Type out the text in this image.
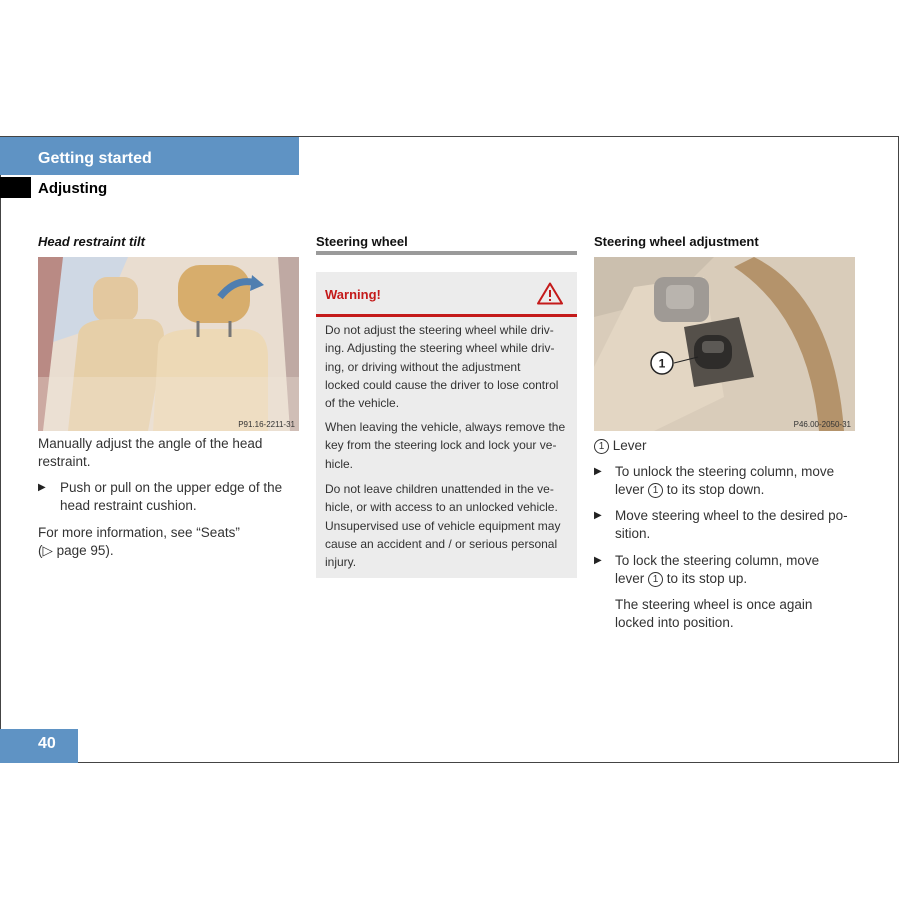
Getting started
Adjusting
Head restraint tilt
P91.16-2211-31
Manually adjust the angle of the head
restraint.
▶ Push or pull on the upper edge of the
head restraint cushion.
For more information, see “Seats”
(▷ page 95).
Steering wheel
Warning!
Do not adjust the steering wheel while driv-
ing. Adjusting the steering wheel while driv-
ing, or driving without the adjustment
locked could cause the driver to lose control
of the vehicle.
When leaving the vehicle, always remove the
key from the steering lock and lock your ve-
hicle.
Do not leave children unattended in the ve-
hicle, or with access to an unlocked vehicle.
Unsupervised use of vehicle equipment may
cause an accident and / or serious personal
injury.
Steering wheel adjustment
1
P46.00-2050-31
1 Lever
▶ To unlock the steering column, move
lever 1 to its stop down.
▶ Move steering wheel to the desired po-
sition.
▶ To lock the steering column, move
lever 1 to its stop up.
The steering wheel is once again
locked into position.
40
